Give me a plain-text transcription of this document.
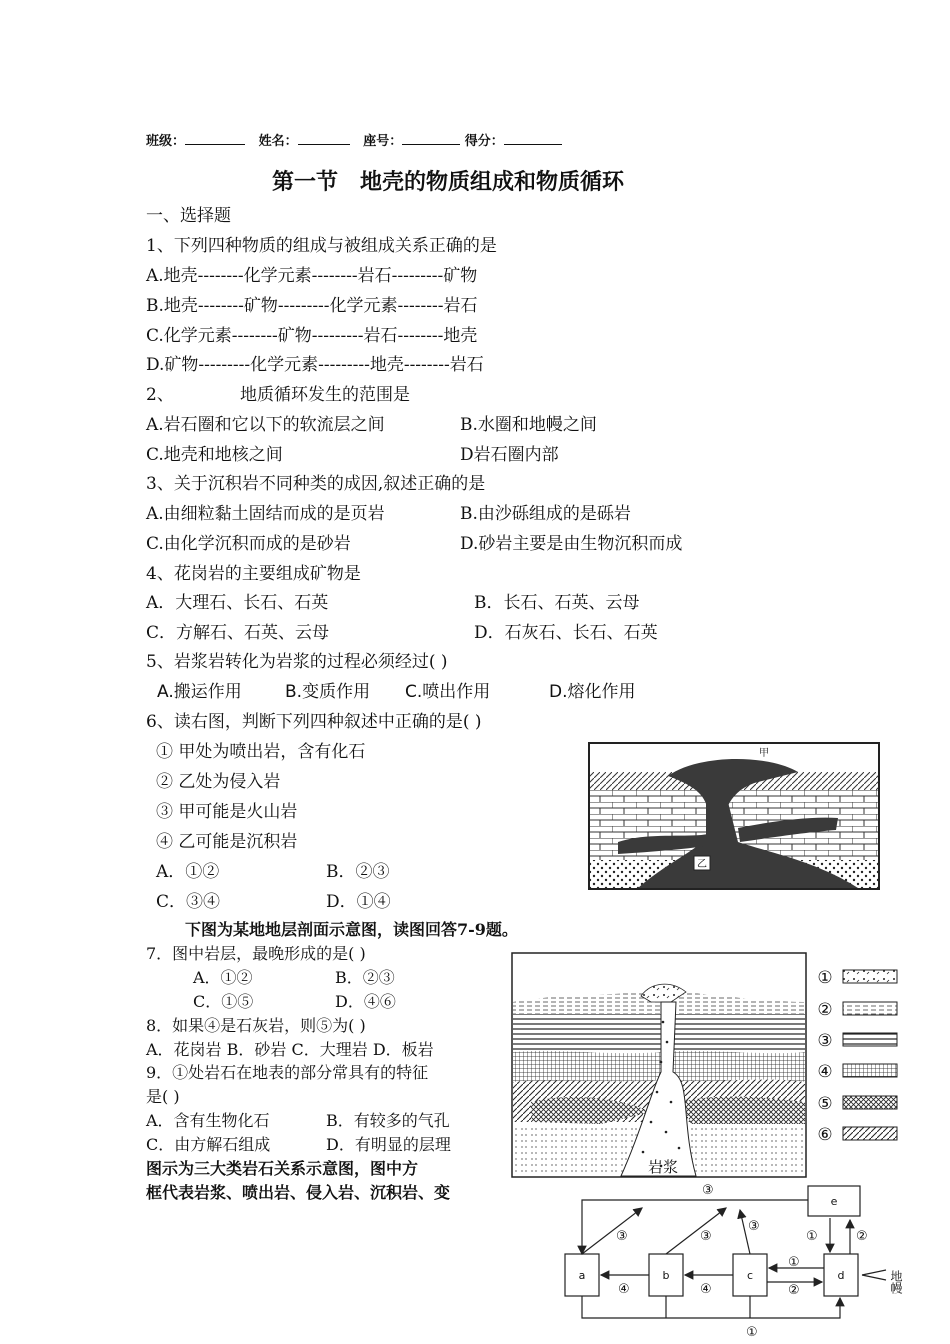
班级：	姓名：	座号：	得分：
第一节　地壳的物质组成和物质循环
一、选择题
1、下列四种物质的组成与被组成关系正确的是
A.地壳--------化学元素--------岩石---------矿物
B.地壳--------矿物---------化学元素--------岩石
C.化学元素--------矿物---------岩石--------地壳
D.矿物---------化学元素---------地壳--------岩石
2、	地质循环发生的范围是
A.岩石圈和它以下的软流层之间	B.水圈和地幔之间
C.地壳和地核之间	D岩石圈内部
3、关于沉积岩不同种类的成因,叙述正确的是
A.由细粒黏土固结而成的是页岩	B.由沙砾组成的是砾岩
C.由化学沉积而成的是砂岩	D.砂岩主要是由生物沉积而成
4、花岗岩的主要组成矿物是
A．大理石、长石、石英	B．长石、石英、云母
C．方解石、石英、云母	D．石灰石、长石、石英
5、岩浆岩转化为岩浆的过程必须经过( )
A.搬运作用	B.变质作用 C.喷出作用	D.熔化作用
6、读右图，判断下列四种叙述中正确的是( )
① 甲处为喷出岩，含有化石
② 乙处为侵入岩
③ 甲可能是火山岩
④ 乙可能是沉积岩
A．①②	B．②③
C．③④	D．①④
乙
甲
下图为某地地层剖面示意图，读图回答7-9题。
7．图中岩层，最晚形成的是( )
A．①②	B．②③
C．①⑤	D．④⑥
8．如果④是石灰岩，则⑤为( )
A．花岗岩 B．砂岩 C．大理岩 D．板岩
9．①处岩石在地表的部分常具有的特征
是( )
A．含有生物化石	B．有较多的气孔
C．由方解石组成	D．有明显的层理
图示为三大类岩石关系示意图，图中方
框代表岩浆、喷出岩、侵入岩、沉积岩、变
岩浆
①
②
③
④
⑤
⑥
a	b	c	d
e
③
③	③
③
④	④
①
②
①	②
①
地幔
